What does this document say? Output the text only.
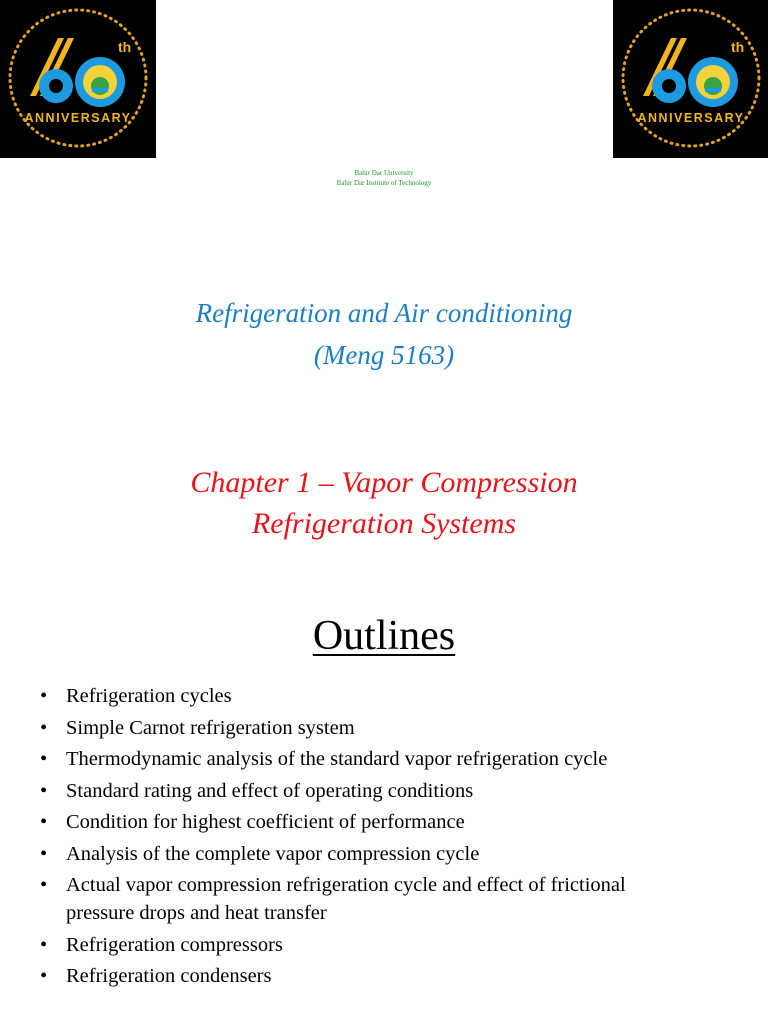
th
ANNIVERSARY
th
ANNIVERSARY
Bahir Dar University
Bahir Dar Institute of Technology
Refrigeration and Air conditioning
(Meng 5163)
Chapter 1 – Vapor Compression
Refrigeration Systems
Outlines
• Refrigeration cycles
• Simple Carnot refrigeration system
• Thermodynamic analysis of the standard vapor refrigeration cycle
• Standard rating and effect of operating conditions
• Condition for highest coefficient of performance
• Analysis of the complete vapor compression cycle
• Actual vapor compression refrigeration cycle and effect of frictional pressure drops and heat transfer
• Refrigeration compressors
• Refrigeration condensers
